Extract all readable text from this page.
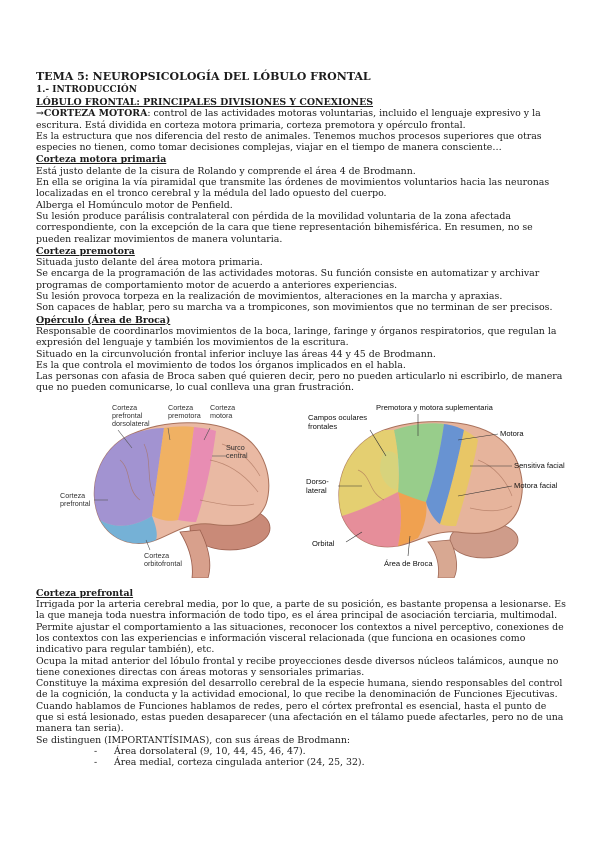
TEMA 5: NEUROPSICOLOGÍA DEL LÓBULO FRONTAL

1.- INTRODUCCIÓN

LÓBULO FRONTAL: PRINCIPALES DIVISIONES Y CONEXIONES

→CORTEZA MOTORA: control de las actividades motoras voluntarias, incluido el lenguaje expresivo y la escritura. Está dividida en corteza motora primaria, corteza premotora y opérculo frontal.

Es la estructura que nos diferencia del resto de animales. Tenemos muchos procesos superiores que otras especies no tienen, como tomar decisiones complejas, viajar en el tiempo de manera consciente…

Corteza motora primaria

Está justo delante de la cisura de Rolando y comprende el área 4 de Brodmann.

En ella se origina la vía piramidal que transmite las órdenes de movimientos voluntarios hacia las neuronas localizadas en el tronco cerebral y la médula del lado opuesto del cuerpo.

Alberga el Homúnculo motor de Penfield.

Su lesión produce parálisis contralateral con pérdida de la movilidad voluntaria de la zona afectada correspondiente, con la excepción de la cara que tiene representación bihemisférica. En resumen, no se pueden realizar movimientos de manera voluntaria.

Corteza premotora

Situada justo delante del área motora primaria.

Se encarga de la programación de las actividades motoras. Su función consiste en automatizar y archivar programas de comportamiento motor de acuerdo a anteriores experiencias.

Su lesión provoca torpeza en la realización de movimientos, alteraciones en la marcha y apraxias.

Son capaces de hablar, pero su marcha va a trompicones, son movimientos que no terminan de ser precisos.

Opérculo (Área de Broca)

Responsable de coordinarlos movimientos de la boca, laringe, faringe y órganos respiratorios, que regulan la expresión del lenguaje y también los movimientos de la escritura.

Situado en la circunvolución frontal inferior incluye las áreas 44 y 45 de Brodmann.

Es la que controla el movimiento de todos los órganos implicados en el habla.

Las personas con afasia de Broca saben qué quieren decir, pero no pueden articularlo ni escribirlo, de manera que no pueden comunicarse, lo cual conlleva una gran frustración.

Corteza
prefrontal
dorsolateral
Corteza
premotora
Corteza
motora
Surco
central
Corteza
prefrontal
Corteza
orbitofrontal
Premotora y motora suplementaria
Campos oculares
frontales
Motora
Sensitiva facial
Motora facial
Dorso-
lateral
Orbital
Área de Broca

Corteza prefrontal

Irrigada por la arteria cerebral media, por lo que, a parte de su posición, es bastante propensa a lesionarse. Es la que maneja toda nuestra información de todo tipo, es el área principal de asociación terciaria, multimodal.

Permite ajustar el comportamiento a las situaciones, reconocer los contextos a nivel perceptivo, conexiones de los contextos con las experiencias e información visceral relacionada (que funciona en ocasiones como indicativo para regular también), etc.

Ocupa la mitad anterior del lóbulo frontal y recibe proyecciones desde diversos núcleos talámicos, aunque no tiene conexiones directas con áreas motoras y sensoriales primarias.

Constituye la máxima expresión del desarrollo cerebral de la especie humana, siendo responsables del control de la cognición, la conducta y la actividad emocional, lo que recibe la denominación de Funciones Ejecutivas.

Cuando hablamos de Funciones hablamos de redes, pero el córtex prefrontal es esencial, hasta el punto de que si está lesionado, estas pueden desaparecer (una afectación en el tálamo puede afectarles, pero no de una manera tan seria).

Se distinguen (IMPORTANTÍSIMAS), con sus áreas de Brodmann:

- Área dorsolateral (9, 10, 44, 45, 46, 47).
- Área medial, corteza cingulada anterior (24, 25, 32).
